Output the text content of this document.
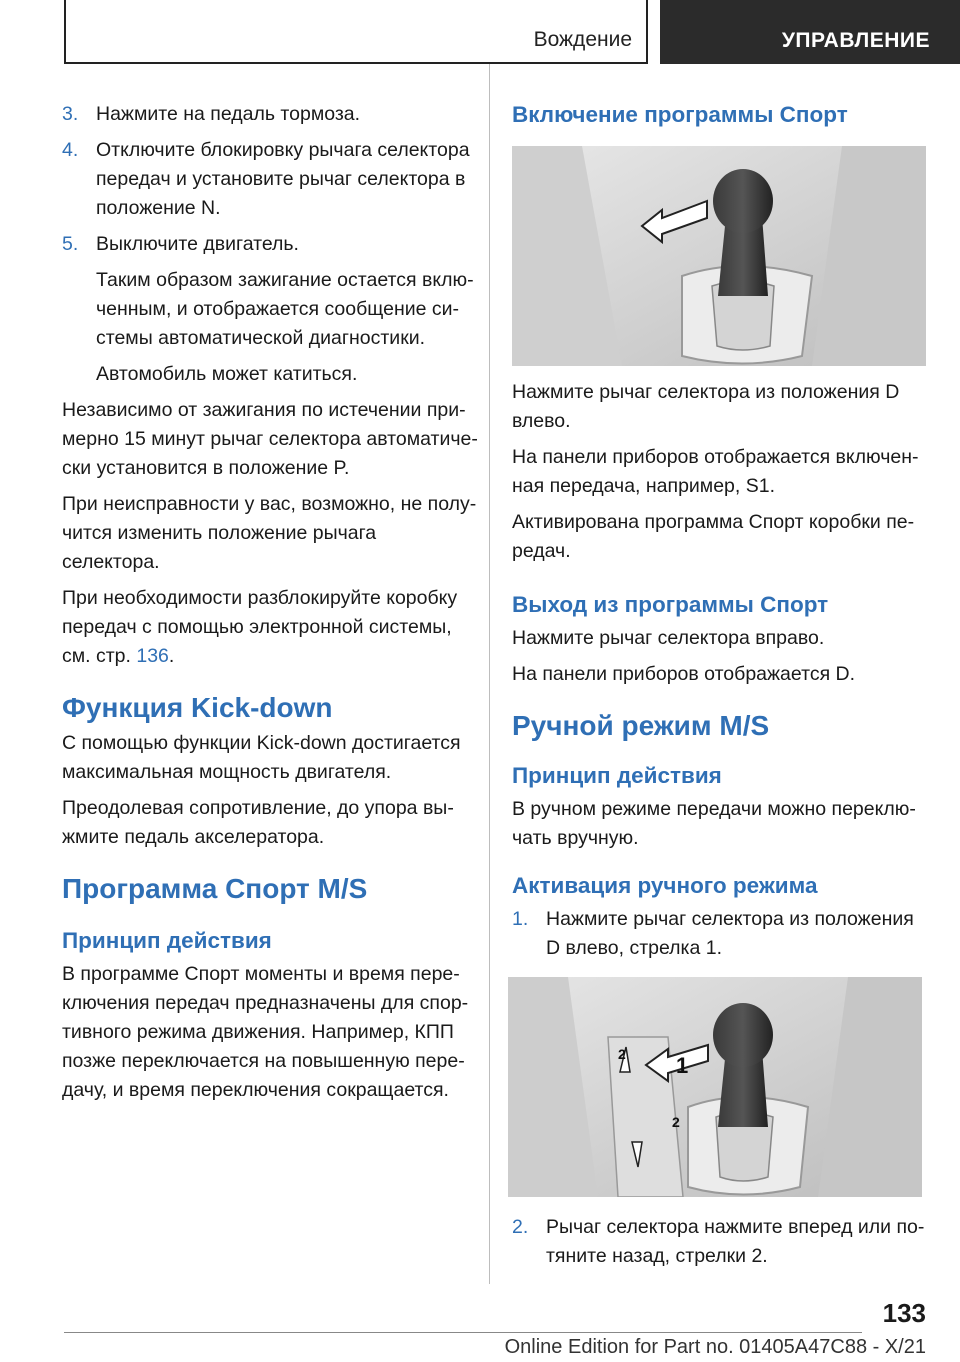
Вождение	УПРАВЛЕНИЕ
3. Нажмите на педаль тормоза.

4. Отключите блокировку рычага селектора передач и установите рычаг селектора в положение N.

5. Выключите двигатель.

Таким образом зажигание остается вклю-ченным, и отображается сообщение си-стемы автоматической диагностики.

Автомобиль может катиться.

Независимо от зажигания по истечении при-мерно 15 минут рычаг селектора автоматиче-ски установится в положение P.

При неисправности у вас, возможно, не полу-чится изменить положение рычага селектора.

При необходимости разблокируйте коробку передач с помощью электронной системы, см. стр. 136.

Функция Kick-down

С помощью функции Kick-down достигается максимальная мощность двигателя.

Преодолевая сопротивление, до упора вы-жмите педаль акселератора.

Программа Спорт M/S
Принцип действия

В программе Спорт моменты и время пере-ключения передач предназначены для спор-тивного режима движения. Например, КПП позже переключается на повышенную пере-дачу, и время переключения сокращается.

Включение программы Спорт

Нажмите рычаг селектора из положения D влево.

На панели приборов отображается включен-ная передача, например, S1.

Активирована программа Спорт коробки пе-редач.

Выход из программы Спорт

Нажмите рычаг селектора вправо.

На панели приборов отображается D.

Ручной режим M/S
Принцип действия

В ручном режиме передачи можно переклю-чать вручную.

Активация ручного режима
1. Нажмите рычаг селектора из положения D влево, стрелка 1.

1
2
2
2. Рычаг селектора нажмите вперед или по-тяните назад, стрелки 2.

133
Online Edition for Part no. 01405A47C88 - X/21
